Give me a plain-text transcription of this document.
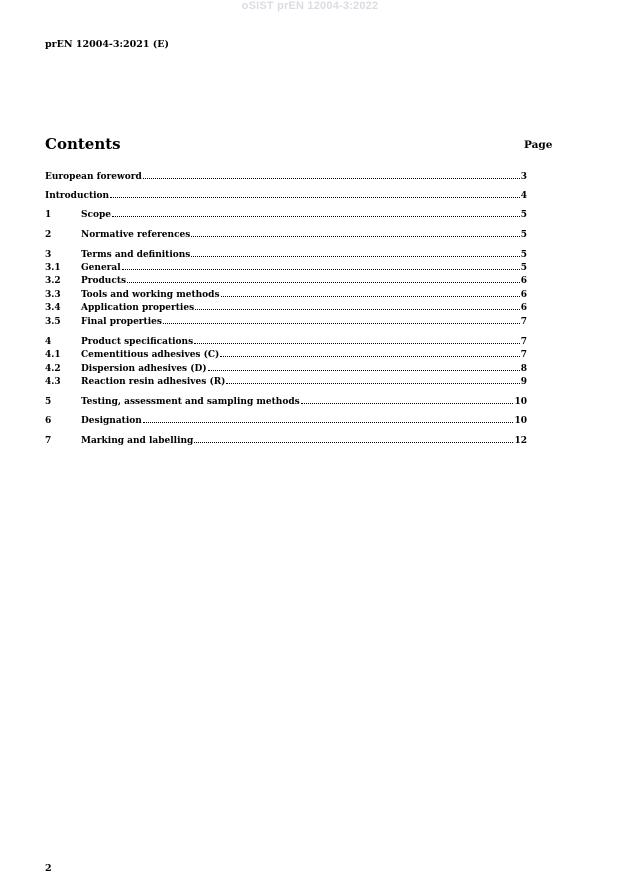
oSIST prEN 12004-3:2022
prEN 12004-3:2021 (E)
Contents	Page
European foreword	3
Introduction	4
1	Scope	5
2	Normative references	5
3	Terms and definitions	5
3.1	General	5
3.2	Products	6
3.3	Tools and working methods	6
3.4	Application properties	6
3.5	Final properties	7
4	Product specifications	7
4.1	Cementitious adhesives (C)	7
4.2	Dispersion adhesives (D)	8
4.3	Reaction resin adhesives (R)	9
5	Testing, assessment and sampling methods	10
6	Designation	10
7	Marking and labelling	12
2
